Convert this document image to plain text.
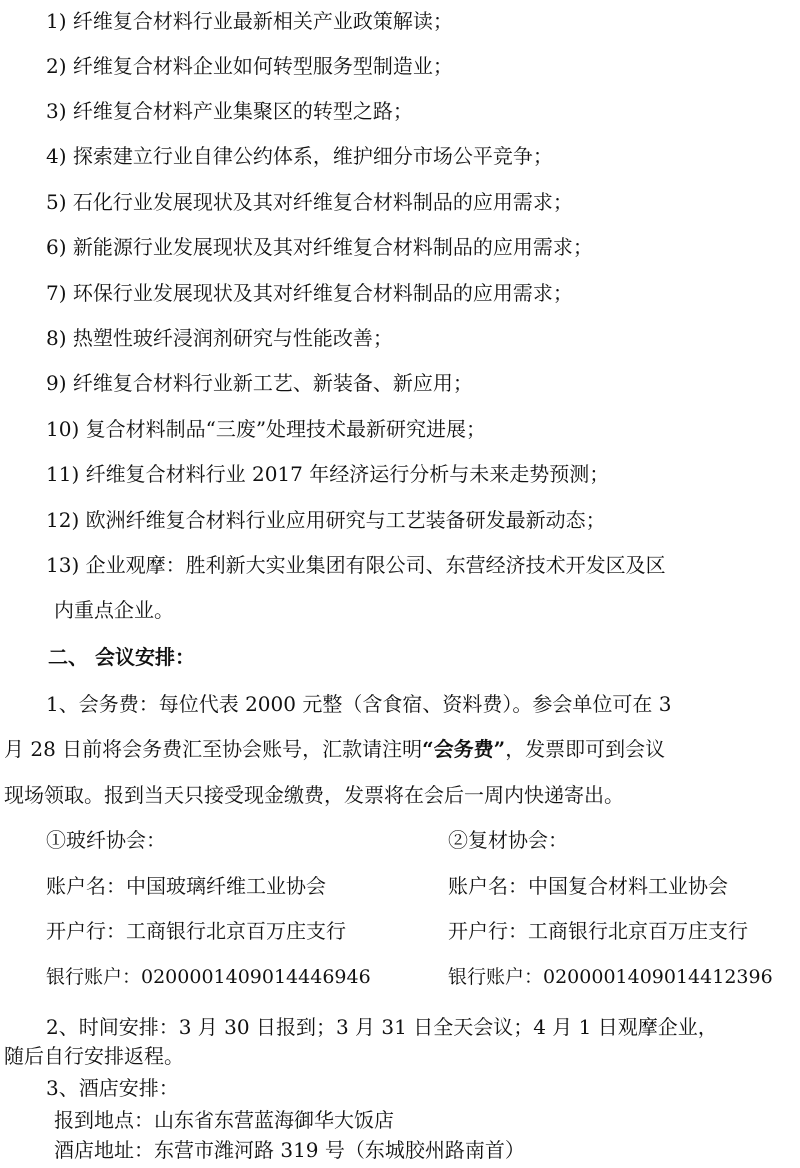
1) 纤维复合材料行业最新相关产业政策解读；
2) 纤维复合材料企业如何转型服务型制造业；
3) 纤维复合材料产业集聚区的转型之路；
4) 探索建立行业自律公约体系，维护细分市场公平竞争；
5) 石化行业发展现状及其对纤维复合材料制品的应用需求；
6) 新能源行业发展现状及其对纤维复合材料制品的应用需求；
7) 环保行业发展现状及其对纤维复合材料制品的应用需求；
8) 热塑性玻纤浸润剂研究与性能改善；
9) 纤维复合材料行业新工艺、新装备、新应用；
10) 复合材料制品“三废”处理技术最新研究进展；
11) 纤维复合材料行业 2017 年经济运行分析与未来走势预测；
12) 欧洲纤维复合材料行业应用研究与工艺装备研发最新动态；
13) 企业观摩：胜利新大实业集团有限公司、东营经济技术开发区及区
内重点企业。
二、 会议安排：
1、会务费：每位代表 2000 元整（含食宿、资料费）。参会单位可在 3
月 28 日前将会务费汇至协会账号，汇款请注明“会务费”，发票即可到会议
现场领取。报到当天只接受现金缴费，发票将在会后一周内快递寄出。
①玻纤协会：	②复材协会：
账户名：中国玻璃纤维工业协会	账户名：中国复合材料工业协会
开户行：工商银行北京百万庄支行	开户行：工商银行北京百万庄支行
银行账户：0200001409014446946	银行账户：0200001409014412396
2、时间安排：3 月 30 日报到；3 月 31 日全天会议；4 月 1 日观摩企业，
随后自行安排返程。
3、酒店安排：
报到地点：山东省东营蓝海御华大饭店
酒店地址：东营市潍河路 319 号（东城胶州路南首）
